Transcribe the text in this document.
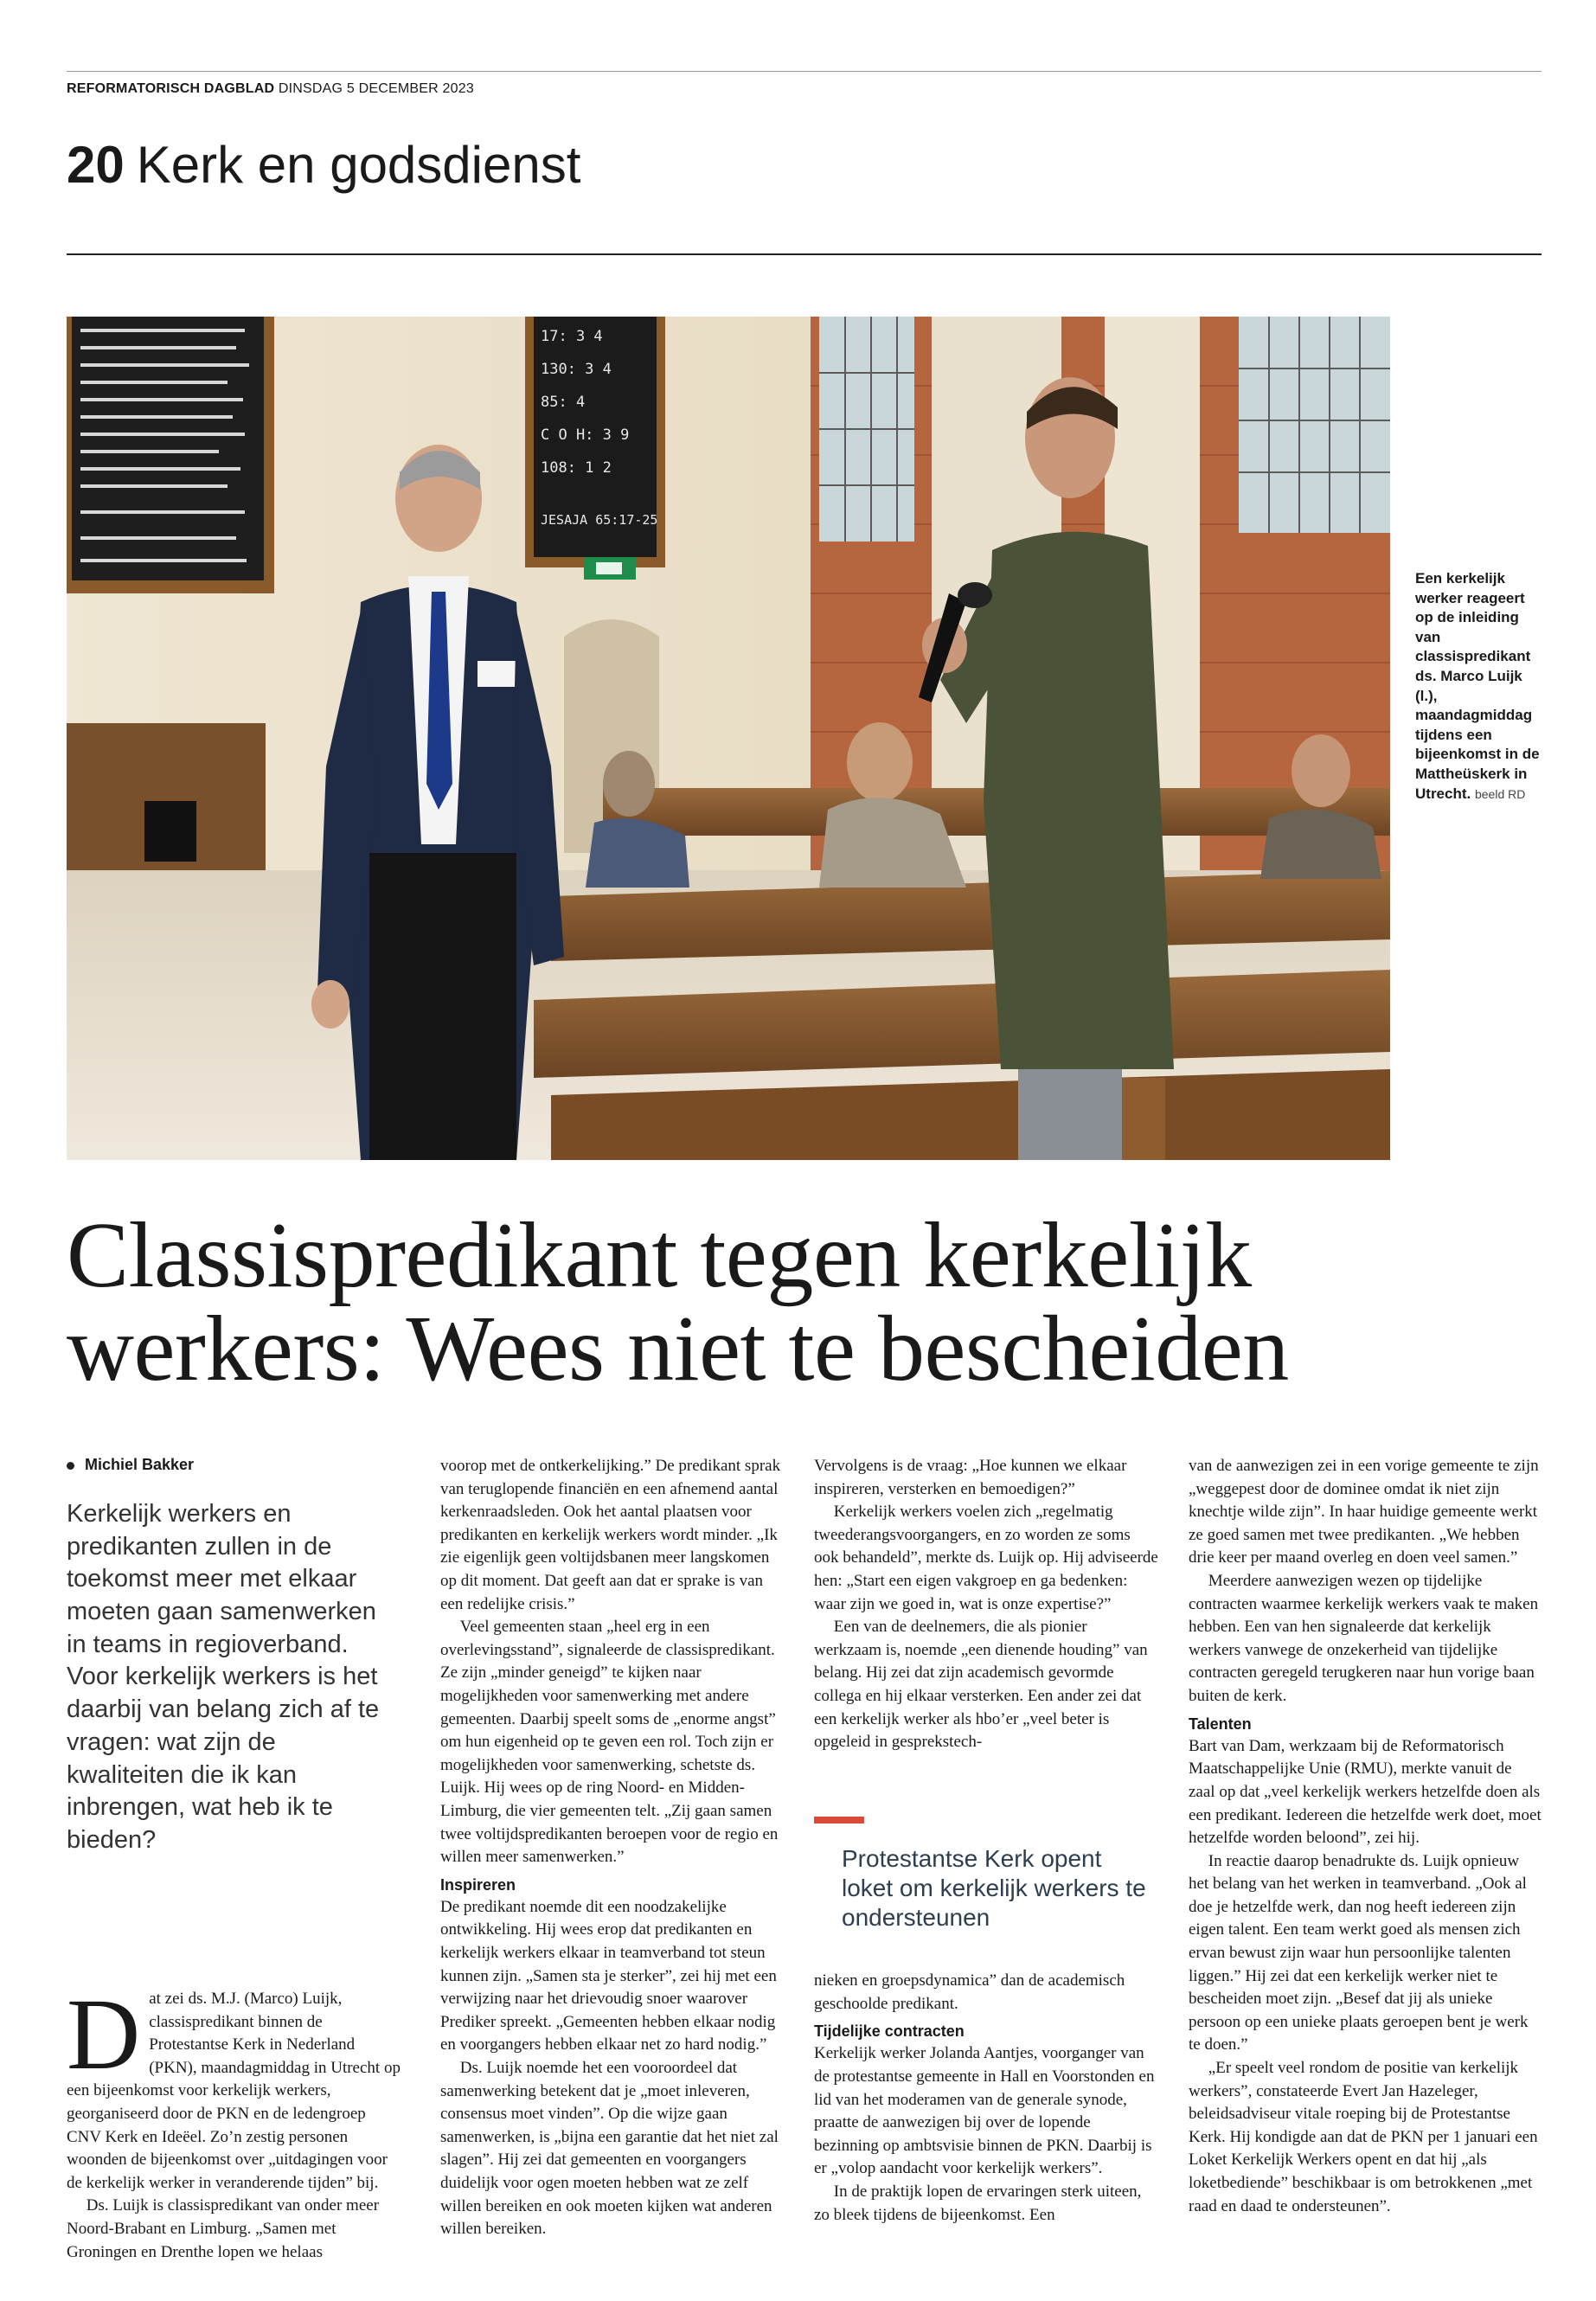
REFORMATORISCH DAGBLAD DINSDAG 5 DECEMBER 2023
20 Kerk en godsdienst
17: 3 4
130: 3 4
85: 4
C O H: 3 9
108: 1 2
JESAJA 65:17-25
Een kerkelijk werker reageert op de inleiding van classispredikant ds. Marco Luijk (l.), maandagmiddag tijdens een bijeenkomst in de Mattheüskerk in Utrecht. beeld RD
Classispredikant tegen kerkelijk
werkers: Wees niet te bescheiden
Michiel Bakker
Kerkelijk werkers en predikanten zullen in de toekomst meer met elkaar moeten gaan samenwerken in teams in regioverband. Voor kerkelijk werkers is het daarbij van belang zich af te vragen: wat zijn de kwaliteiten die ik kan inbrengen, wat heb ik te bieden?
D at zei ds. M.J. (Marco) Luijk, classispredikant binnen de Protestantse Kerk in Nederland (PKN), maandagmiddag in Utrecht op een bijeenkomst voor kerkelijk werkers, georganiseerd door de PKN en de ledengroep CNV Kerk en Ideëel. Zo’n zestig personen woonden de bijeenkomst over „uitdagingen voor de kerkelijk werker in veranderende tijden” bij.

Ds. Luijk is classispredikant van onder meer Noord-Brabant en Limburg. „Samen met Groningen en Drenthe lopen we helaas

voorop met de ontkerkelijking.” De predikant sprak van teruglopende financiën en een afnemend aantal kerkenraadsleden. Ook het aantal plaatsen voor predikanten en kerkelijk werkers wordt minder. „Ik zie eigenlijk geen voltijdsbanen meer langskomen op dit moment. Dat geeft aan dat er sprake is van een redelijke crisis.”

Veel gemeenten staan „heel erg in een overlevingsstand”, signaleerde de classispredikant. Ze zijn „minder geneigd” te kijken naar mogelijkheden voor samenwerking met andere gemeenten. Daarbij speelt soms de „enorme angst” om hun eigenheid op te geven een rol. Toch zijn er mogelijkheden voor samenwerking, schetste ds. Luijk. Hij wees op de ring Noord- en Midden-Limburg, die vier gemeenten telt. „Zij gaan samen twee voltijdspredikanten beroepen voor de regio en willen meer samenwerken.”

Inspireren

De predikant noemde dit een noodzakelijke ontwikkeling. Hij wees erop dat predikanten en kerkelijk werkers elkaar in teamverband tot steun kunnen zijn. „Samen sta je sterker”, zei hij met een verwijzing naar het drievoudig snoer waarover Prediker spreekt. „Gemeenten hebben elkaar nodig en voorgangers hebben elkaar net zo hard nodig.”

Ds. Luijk noemde het een vooroordeel dat samenwerking betekent dat je „moet inleveren, consensus moet vinden”. Op die wijze gaan samenwerken, is „bijna een garantie dat het niet zal slagen”. Hij zei dat gemeenten en voorgangers duidelijk voor ogen moeten hebben wat ze zelf willen bereiken en ook moeten kijken wat anderen willen bereiken.

Vervolgens is de vraag: „Hoe kunnen we elkaar inspireren, versterken en bemoedigen?”

Kerkelijk werkers voelen zich „regelmatig tweederangsvoorgangers, en zo worden ze soms ook behandeld”, merkte ds. Luijk op. Hij adviseerde hen: „Start een eigen vakgroep en ga bedenken: waar zijn we goed in, wat is onze expertise?”

Een van de deelnemers, die als pionier werkzaam is, noemde „een dienende houding” van belang. Hij zei dat zijn academisch gevormde collega en hij elkaar versterken. Een ander zei dat een kerkelijk werker als hbo’er „veel beter is opgeleid in gesprekstech-

Protestantse Kerk opent loket om kerkelijk werkers te ondersteunen

nieken en groepsdynamica” dan de academisch geschoolde predikant.

Tijdelijke contracten

Kerkelijk werker Jolanda Aantjes, voorganger van de protestantse gemeente in Hall en Voorstonden en lid van het moderamen van de generale synode, praatte de aanwezigen bij over de lopende bezinning op ambtsvisie binnen de PKN. Daarbij is er „volop aandacht voor kerkelijk werkers”.

In de praktijk lopen de ervaringen sterk uiteen, zo bleek tijdens de bijeenkomst. Een

van de aanwezigen zei in een vorige gemeente te zijn „weggepest door de dominee omdat ik niet zijn knechtje wilde zijn”. In haar huidige gemeente werkt ze goed samen met twee predikanten. „We hebben drie keer per maand overleg en doen veel samen.”

Meerdere aanwezigen wezen op tijdelijke contracten waarmee kerkelijk werkers vaak te maken hebben. Een van hen signaleerde dat kerkelijk werkers vanwege de onzekerheid van tijdelijke contracten geregeld terugkeren naar hun vorige baan buiten de kerk.

Talenten

Bart van Dam, werkzaam bij de Reformatorisch Maatschappelijke Unie (RMU), merkte vanuit de zaal op dat „veel kerkelijk werkers hetzelfde doen als een predikant. Iedereen die hetzelfde werk doet, moet hetzelfde worden beloond”, zei hij.

In reactie daarop benadrukte ds. Luijk opnieuw het belang van het werken in teamverband. „Ook al doe je hetzelfde werk, dan nog heeft iedereen zijn eigen talent. Een team werkt goed als mensen zich ervan bewust zijn waar hun persoonlijke talenten liggen.” Hij zei dat een kerkelijk werker niet te bescheiden moet zijn. „Besef dat jij als unieke persoon op een unieke plaats geroepen bent je werk te doen.”

„Er speelt veel rondom de positie van kerkelijk werkers”, constateerde Evert Jan Hazeleger, beleidsadviseur vitale roeping bij de Protestantse Kerk. Hij kondigde aan dat de PKN per 1 januari een Loket Kerkelijk Werkers opent en dat hij „als loketbediende” beschikbaar is om betrokkenen „met raad en daad te ondersteunen”.
